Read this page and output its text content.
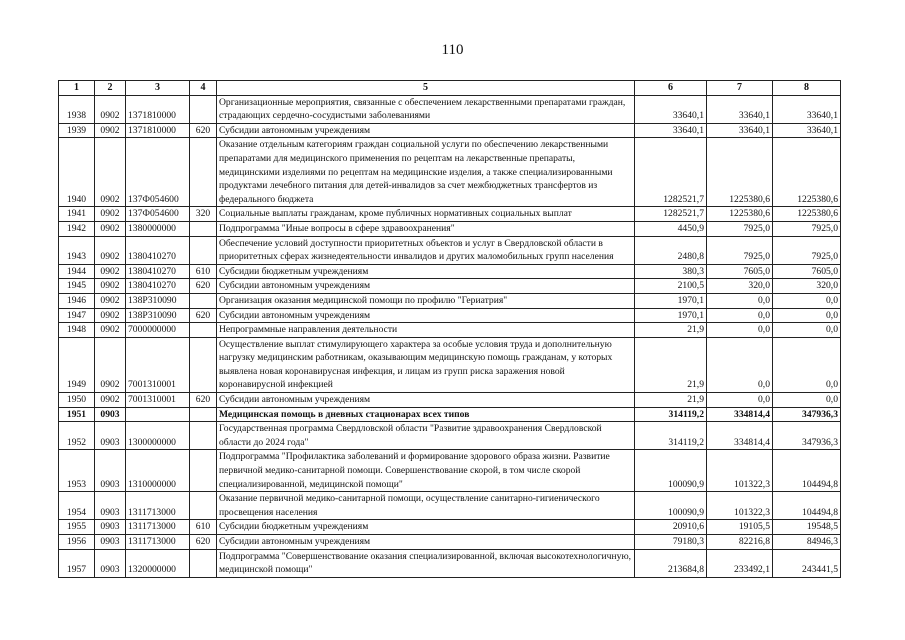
110
1	2	3	4	5	6	7	8
1938	0902	1371810000		Организационные мероприятия, связанные с обеспечением лекарственными препаратами граждан, страдающих сердечно-сосудистыми заболеваниями	33640,1	33640,1	33640,1
1939	0902	1371810000	620	Субсидии автономным учреждениям	33640,1	33640,1	33640,1
1940	0902	137Ф054600		Оказание отдельным категориям граждан социальной услуги по обеспечению лекарственными препаратами для медицинского применения по рецептам на лекарственные препараты, медицинскими изделиями по рецептам на медицинские изделия, а также специализированными продуктами лечебного питания для детей-инвалидов за счет межбюджетных трансфертов из федерального бюджета	1282521,7	1225380,6	1225380,6
1941	0902	137Ф054600	320	Социальные выплаты гражданам, кроме публичных нормативных социальных выплат	1282521,7	1225380,6	1225380,6
1942	0902	1380000000		Подпрограмма "Иные вопросы в сфере здравоохранения"	4450,9	7925,0	7925,0
1943	0902	1380410270		Обеспечение условий доступности приоритетных объектов и услуг в Свердловской области в приоритетных сферах жизнедеятельности инвалидов и других маломобильных групп населения	2480,8	7925,0	7925,0
1944	0902	1380410270	610	Субсидии бюджетным учреждениям	380,3	7605,0	7605,0
1945	0902	1380410270	620	Субсидии автономным учреждениям	2100,5	320,0	320,0
1946	0902	138Р310090		Организация оказания медицинской помощи по профилю "Гериатрия"	1970,1	0,0	0,0
1947	0902	138Р310090	620	Субсидии автономным учреждениям	1970,1	0,0	0,0
1948	0902	7000000000		Непрограммные направления деятельности	21,9	0,0	0,0
1949	0902	7001310001		Осуществление выплат стимулирующего характера за особые условия труда и дополнительную нагрузку медицинским работникам, оказывающим медицинскую помощь гражданам, у которых выявлена новая коронавирусная инфекция, и лицам из групп риска заражения новой коронавирусной инфекцией	21,9	0,0	0,0
1950	0902	7001310001	620	Субсидии автономным учреждениям	21,9	0,0	0,0
1951	0903			Медицинская помощь в дневных стационарах всех типов	314119,2	334814,4	347936,3
1952	0903	1300000000		Государственная программа Свердловской области "Развитие здравоохранения Свердловской области до 2024 года"	314119,2	334814,4	347936,3
1953	0903	1310000000		Подпрограмма "Профилактика заболеваний и формирование здорового образа жизни. Развитие первичной медико-санитарной помощи. Совершенствование скорой, в том числе скорой специализированной, медицинской помощи"	100090,9	101322,3	104494,8
1954	0903	1311713000		Оказание первичной медико-санитарной помощи, осуществление санитарно-гигиенического просвещения населения	100090,9	101322,3	104494,8
1955	0903	1311713000	610	Субсидии бюджетным учреждениям	20910,6	19105,5	19548,5
1956	0903	1311713000	620	Субсидии автономным учреждениям	79180,3	82216,8	84946,3
1957	0903	1320000000		Подпрограмма "Совершенствование оказания специализированной, включая высокотехнологичную, медицинской помощи"	213684,8	233492,1	243441,5
